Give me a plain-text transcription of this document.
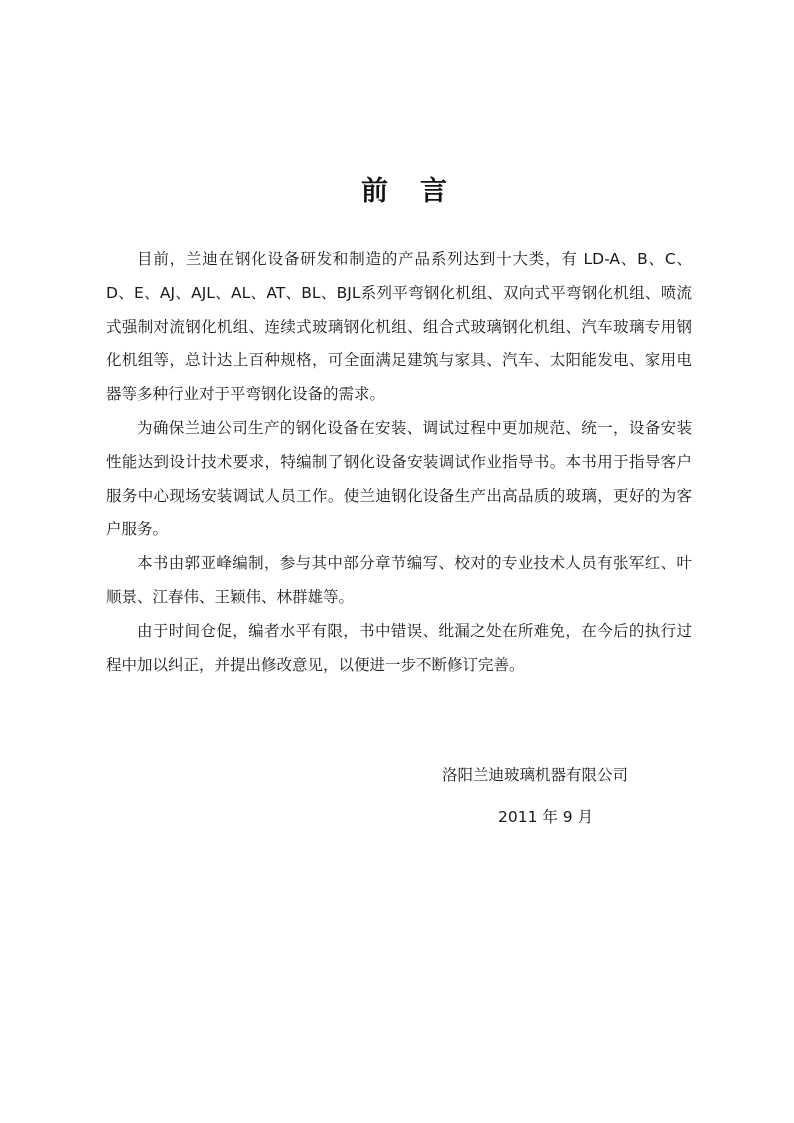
前言

目前，兰迪在钢化设备研发和制造的产品系列达到十大类，有 LD-A、B、C、D、E、AJ、AJL、AL、AT、BL、BJL系列平弯钢化机组、双向式平弯钢化机组、喷流式强制对流钢化机组、连续式玻璃钢化机组、组合式玻璃钢化机组、汽车玻璃专用钢化机组等，总计达上百种规格，可全面满足建筑与家具、汽车、太阳能发电、家用电器等多种行业对于平弯钢化设备的需求。

为确保兰迪公司生产的钢化设备在安装、调试过程中更加规范、统一，设备安装性能达到设计技术要求，特编制了钢化设备安装调试作业指导书。本书用于指导客户服务中心现场安装调试人员工作。使兰迪钢化设备生产出高品质的玻璃，更好的为客户服务。

本书由郭亚峰编制，参与其中部分章节编写、校对的专业技术人员有张军红、叶顺景、江春伟、王颖伟、林群雄等。

由于时间仓促，编者水平有限，书中错误、纰漏之处在所难免，在今后的执行过程中加以纠正，并提出修改意见，以便进一步不断修订完善。

洛阳兰迪玻璃机器有限公司
2011 年 9 月
